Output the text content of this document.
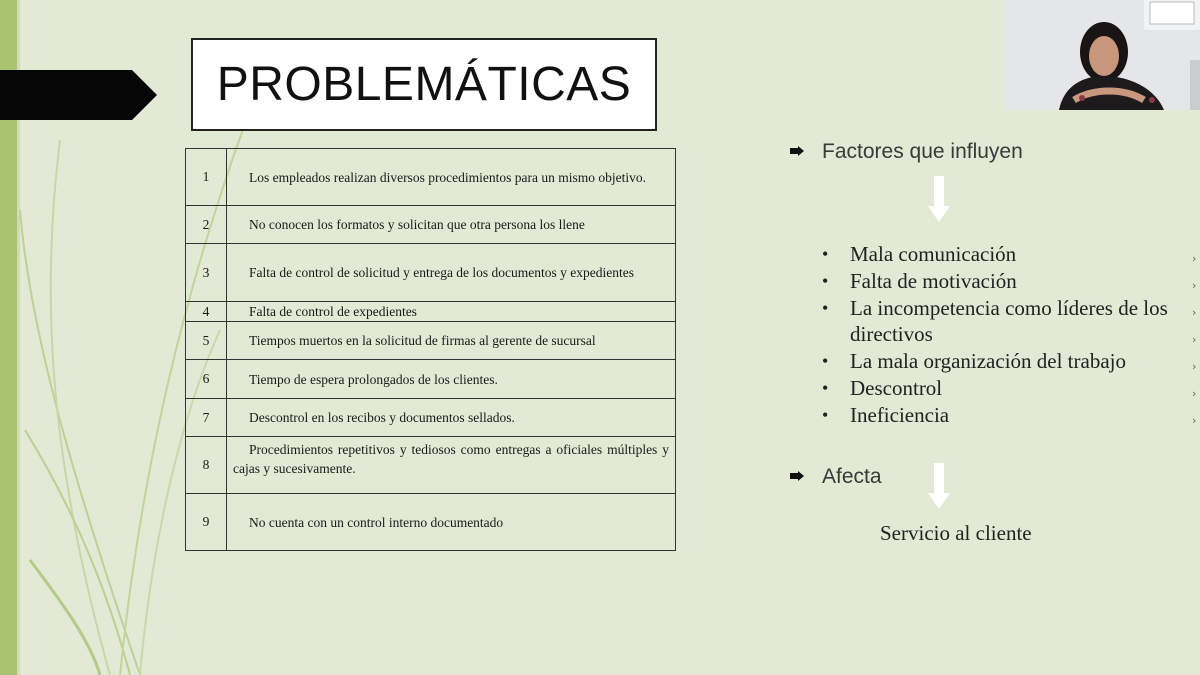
PROBLEMÁTICAS
1	Los empleados realizan diversos procedimientos para un mismo objetivo.
2	No conocen los formatos y solicitan que otra persona los llene
3	Falta de control de solicitud y entrega de los documentos y expedientes
4	Falta de control de expedientes
5	Tiempos muertos en la solicitud de firmas al gerente de sucursal
6	Tiempo de espera prolongados de los clientes.
7	Descontrol en los recibos y documentos sellados.
8	Procedimientos repetitivos y tediosos como entregas a oficiales múltiples y cajas y sucesivamente.
9	No cuenta con un control interno documentado
Factores que influyen
• Mala comunicación
• Falta de motivación
• La incompetencia como líderes de los directivos
• La mala organización del trabajo
• Descontrol
• Ineficiencia
Afecta
Servicio al cliente
›
›
›
›
›
›
›
